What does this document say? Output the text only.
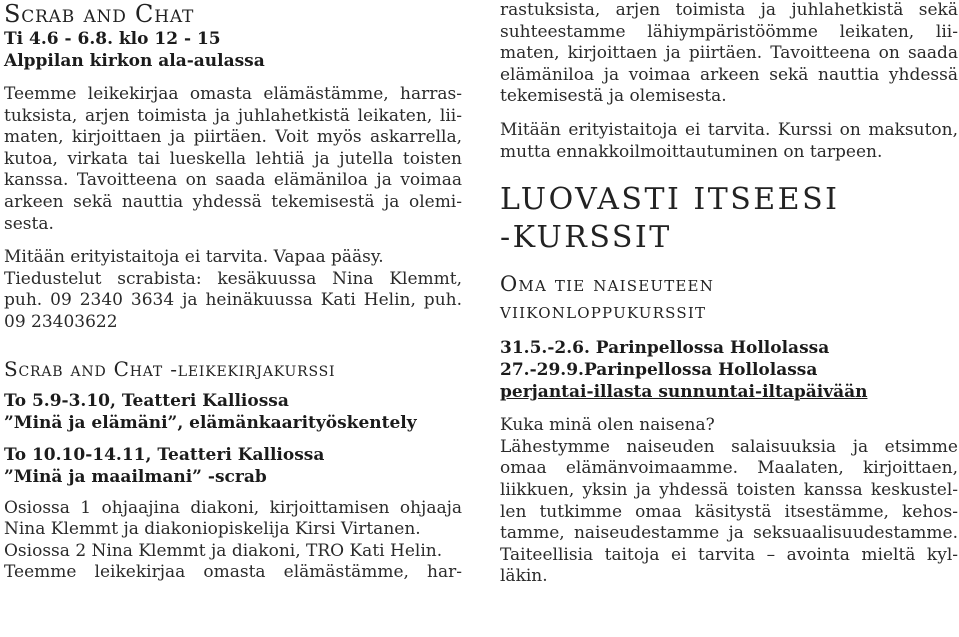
Scrab and Chat
Ti 4.6 - 6.8. klo 12 - 15
Alppilan kirkon ala-aulassa
Teemme leikekirjaa omasta elämästämme, harras-
tuksista, arjen toimista ja juhlahetkistä leikaten, lii-
maten, kirjoittaen ja piirtäen. Voit myös askarrella,
kutoa, virkata tai lueskella lehtiä ja jutella toisten
kanssa. Tavoitteena on saada elämäniloa ja voimaa
arkeen sekä nauttia yhdessä tekemisestä ja olemi-
sesta.
Mitään erityistaitoja ei tarvita. Vapaa pääsy.
Tiedustelut scrabista: kesäkuussa Nina Klemmt,
puh. 09 2340 3634 ja heinäkuussa Kati Helin, puh.
09 23403622
Scrab and Chat -leikekirjakurssi
To 5.9-3.10, Teatteri Kalliossa
”Minä ja elämäni”, elämänkaarityöskentely
To 10.10-14.11, Teatteri Kalliossa
”Minä ja maailmani” -scrab
Osiossa 1 ohjaajina diakoni, kirjoittamisen ohjaaja
Nina Klemmt ja diakoniopiskelija Kirsi Virtanen.
Osiossa 2 Nina Klemmt ja diakoni, TRO Kati Helin.
Teemme leikekirjaa omasta elämästämme, har-
rastuksista, arjen toimista ja juhlahetkistä sekä
suhteestamme lähiympäristöömme leikaten, lii-
maten, kirjoittaen ja piirtäen. Tavoitteena on saada
elämäniloa ja voimaa arkeen sekä nauttia yhdessä
tekemisestä ja olemisesta.
Mitään erityistaitoja ei tarvita. Kurssi on maksuton,
mutta ennakkoilmoittautuminen on tarpeen.
LUOVASTI ITSEESI
-KURSSIT
Oma tie naiseuteen
viikonloppukurssit
31.5.-2.6. Parinpellossa Hollolassa
27.-29.9.Parinpellossa Hollolassa
perjantai-illasta sunnuntai-iltapäivään
Kuka minä olen naisena?
Lähestymme naiseuden salaisuuksia ja etsimme
omaa elämänvoimaamme. Maalaten, kirjoittaen,
liikkuen, yksin ja yhdessä toisten kanssa keskustel-
len tutkimme omaa käsitystä itsestämme, kehos-
tamme, naiseudestamme ja seksuaalisuudestamme.
Taiteellisia taitoja ei tarvita – avointa mieltä kyl-
läkin.
